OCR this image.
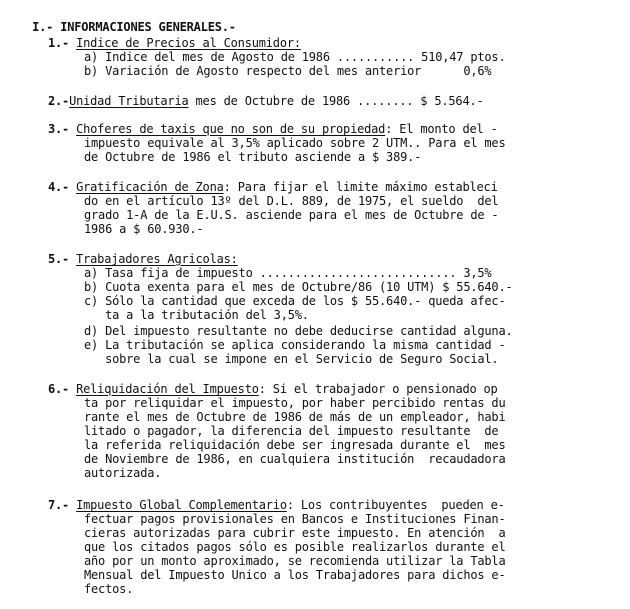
I.- INFORMACIONES GENERALES.-

1.- Indice de Precios al Consumidor:
a) Indice del mes de Agosto de 1986 ........... 510,47 ptos.
b) Variación de Agosto respecto del mes anterior      0,6%
2.-Unidad Tributaria mes de Octubre de 1986 ........ $ 5.564.-
3.- Choferes de taxis que no son de su propiedad: El monto del -
impuesto equivale al 3,5% aplicado sobre 2 UTM.. Para el mes
de Octubre de 1986 el tributo asciende a $ 389.-
4.- Gratificación de Zona: Para fijar el limite máximo estableci
do en el artículo 13º del D.L. 889, de 1975, el sueldo  del
grado 1-A de la E.U.S. asciende para el mes de Octubre de -
1986 a $ 60.930.-
5.- Trabajadores Agricolas:
a) Tasa fija de impuesto ............................ 3,5%
b) Cuota exenta para el mes de Octubre/86 (10 UTM) $ 55.640.-
c) Sólo la cantidad que exceda de los $ 55.640.- queda afec-
ta a la tributación del 3,5%.
d) Del impuesto resultante no debe deducirse cantidad alguna.
e) La tributación se aplica considerando la misma cantidad -
sobre la cual se impone en el Servicio de Seguro Social.
6.- Reliquidación del Impuesto: Si el trabajador o pensionado op
ta por reliquidar el impuesto, por haber percibido rentas du
rante el mes de Octubre de 1986 de más de un empleador, habi
litado o pagador, la diferencia del impuesto resultante  de
la referida reliquidación debe ser ingresada durante el  mes
de Noviembre de 1986, en cualquiera institución  recaudadora
autorizada.
7.- Impuesto Global Complementario: Los contribuyentes  pueden e-
fectuar pagos provisionales en Bancos e Instituciones Finan-
cieras autorizadas para cubrir este impuesto. En atención  a
que los citados pagos sólo es posible realizarlos durante el
año por un monto aproximado, se recomienda utilizar la Tabla
Mensual del Impuesto Unico a los Trabajadores para dichos e-
fectos.
